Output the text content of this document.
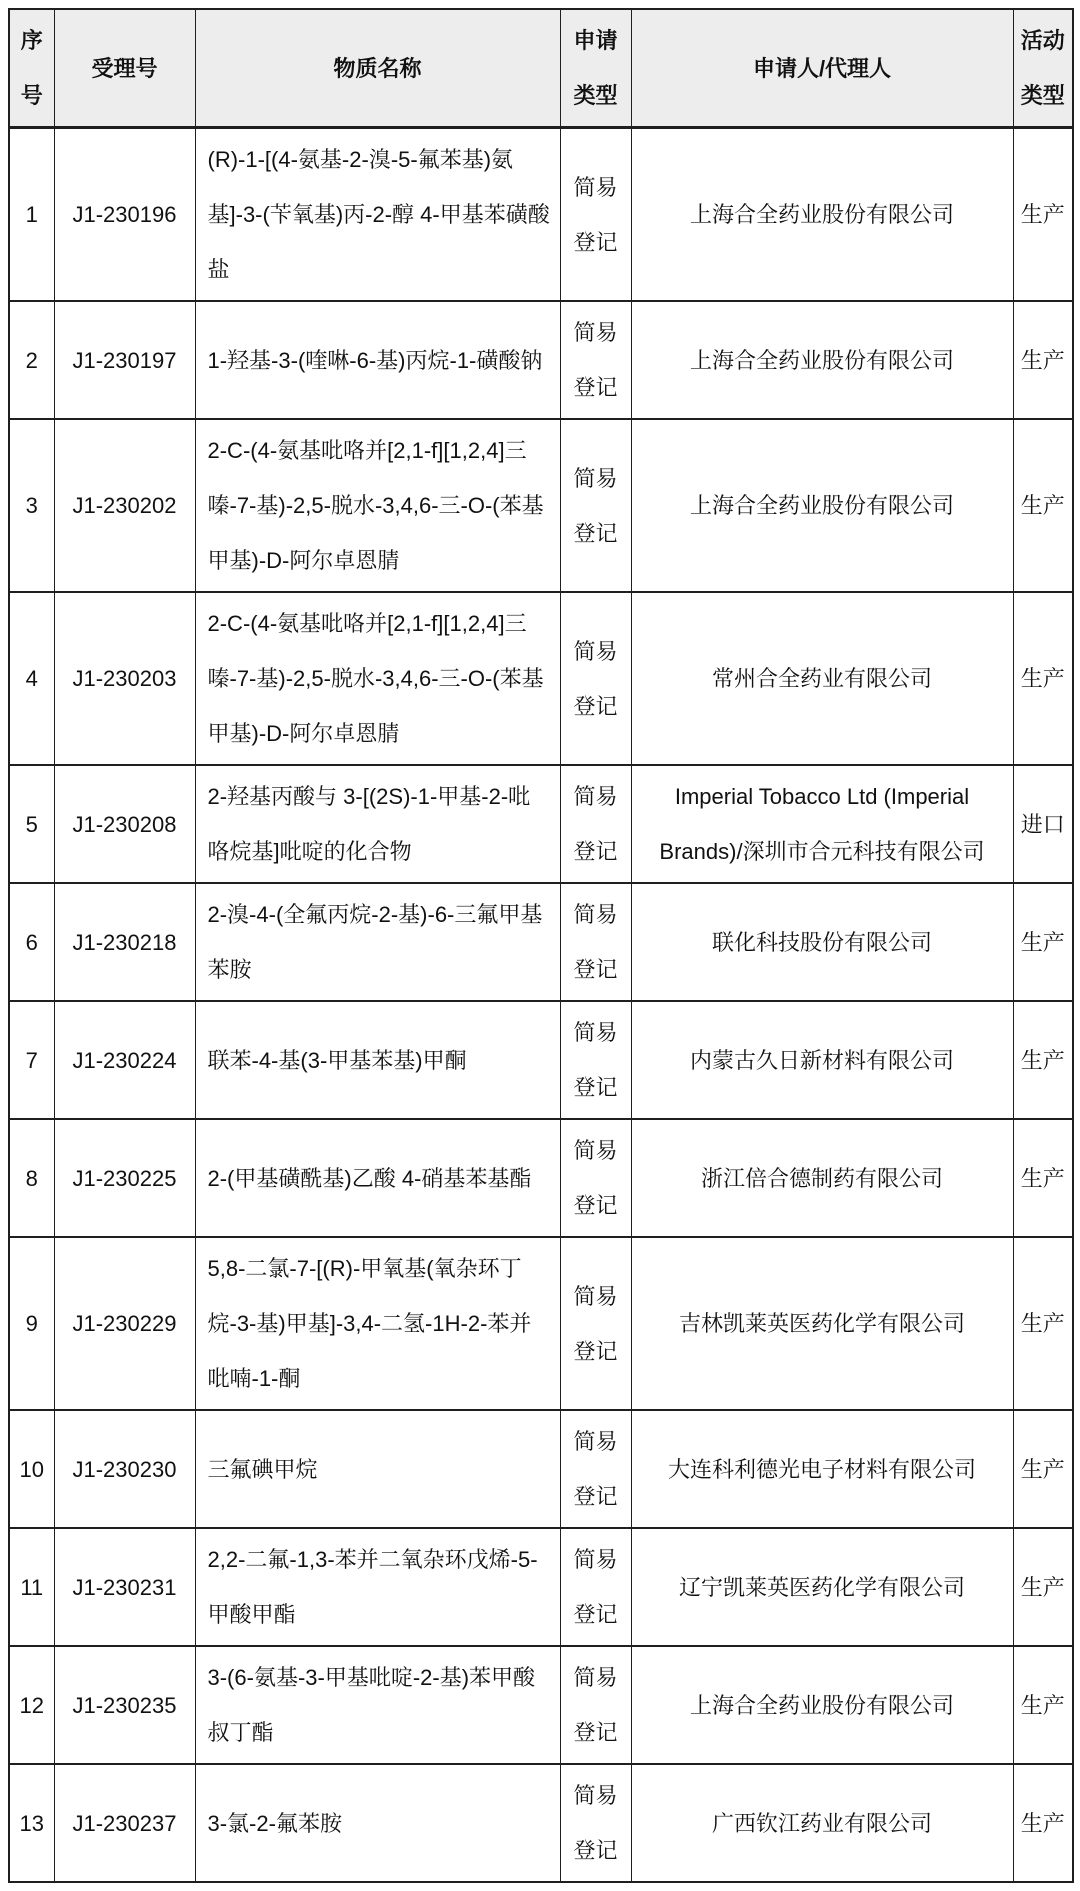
序号	受理号	物质名称	申请类型	申请人/代理人	活动类型
1	J1-230196	(R)-1-[(4-氨基-2-溴-5-氟苯基)氨基]-3-(苄氧基)丙-2-醇 4-甲基苯磺酸盐	简易登记	上海合全药业股份有限公司	生产
2	J1-230197	1-羟基-3-(喹啉-6-基)丙烷-1-磺酸钠	简易登记	上海合全药业股份有限公司	生产
3	J1-230202	2-C-(4-氨基吡咯并[2,1-f][1,2,4]三嗪-7-基)-2,5-脱水-3,4,6-三-O-(苯基甲基)-D-阿尔卓恩腈	简易登记	上海合全药业股份有限公司	生产
4	J1-230203	2-C-(4-氨基吡咯并[2,1-f][1,2,4]三嗪-7-基)-2,5-脱水-3,4,6-三-O-(苯基甲基)-D-阿尔卓恩腈	简易登记	常州合全药业有限公司	生产
5	J1-230208	2-羟基丙酸与 3-[(2S)-1-甲基-2-吡咯烷基]吡啶的化合物	简易登记	Imperial Tobacco Ltd (Imperial Brands)/深圳市合元科技有限公司	进口
6	J1-230218	2-溴-4-(全氟丙烷-2-基)-6-三氟甲基苯胺	简易登记	联化科技股份有限公司	生产
7	J1-230224	联苯-4-基(3-甲基苯基)甲酮	简易登记	内蒙古久日新材料有限公司	生产
8	J1-230225	2-(甲基磺酰基)乙酸 4-硝基苯基酯	简易登记	浙江倍合德制药有限公司	生产
9	J1-230229	5,8-二氯-7-[(R)-甲氧基(氧杂环丁烷-3-基)甲基]-3,4-二氢-1H-2-苯并吡喃-1-酮	简易登记	吉林凯莱英医药化学有限公司	生产
10	J1-230230	三氟碘甲烷	简易登记	大连科利德光电子材料有限公司	生产
11	J1-230231	2,2-二氟-1,3-苯并二氧杂环戊烯-5-甲酸甲酯	简易登记	辽宁凯莱英医药化学有限公司	生产
12	J1-230235	3-(6-氨基-3-甲基吡啶-2-基)苯甲酸叔丁酯	简易登记	上海合全药业股份有限公司	生产
13	J1-230237	3-氯-2-氟苯胺	简易登记	广西钦江药业有限公司	生产
